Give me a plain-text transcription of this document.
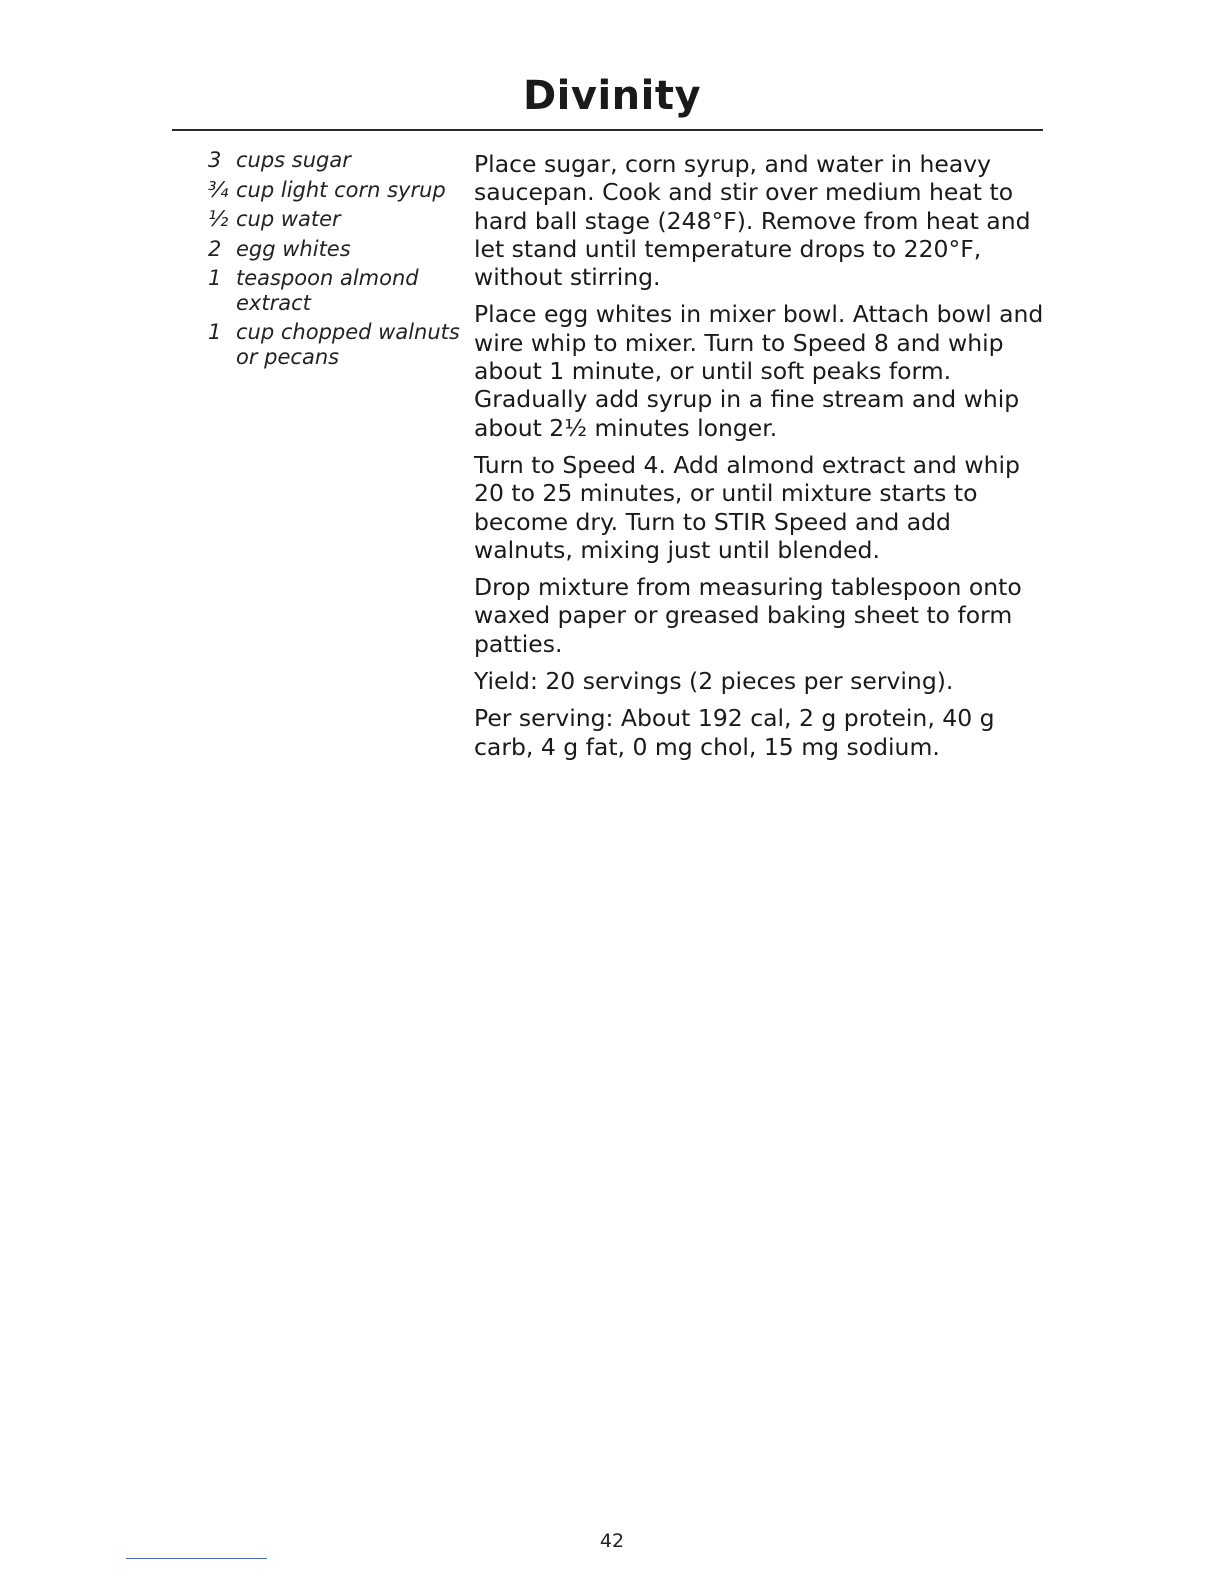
Divinity
3 cups sugar
¾ cup light corn syrup
½ cup water
2 egg whites
1 teaspoon almond extract
1 cup chopped walnuts or pecans

Place sugar, corn syrup, and water in heavy saucepan. Cook and stir over medium heat to hard ball stage (248°F). Remove from heat and let stand until temperature drops to 220°F, without stirring.

Place egg whites in mixer bowl. Attach bowl and wire whip to mixer. Turn to Speed 8 and whip about 1 minute, or until soft peaks form. Gradually add syrup in a fine stream and whip about 2½ minutes longer.

Turn to Speed 4. Add almond extract and whip 20 to 25 minutes, or until mixture starts to become dry. Turn to STIR Speed and add walnuts, mixing just until blended.

Drop mixture from measuring tablespoon onto waxed paper or greased baking sheet to form patties.

Yield: 20 servings (2 pieces per serving).

Per serving: About 192 cal, 2 g protein, 40 g carb, 4 g fat, 0 mg chol, 15 mg sodium.

42
